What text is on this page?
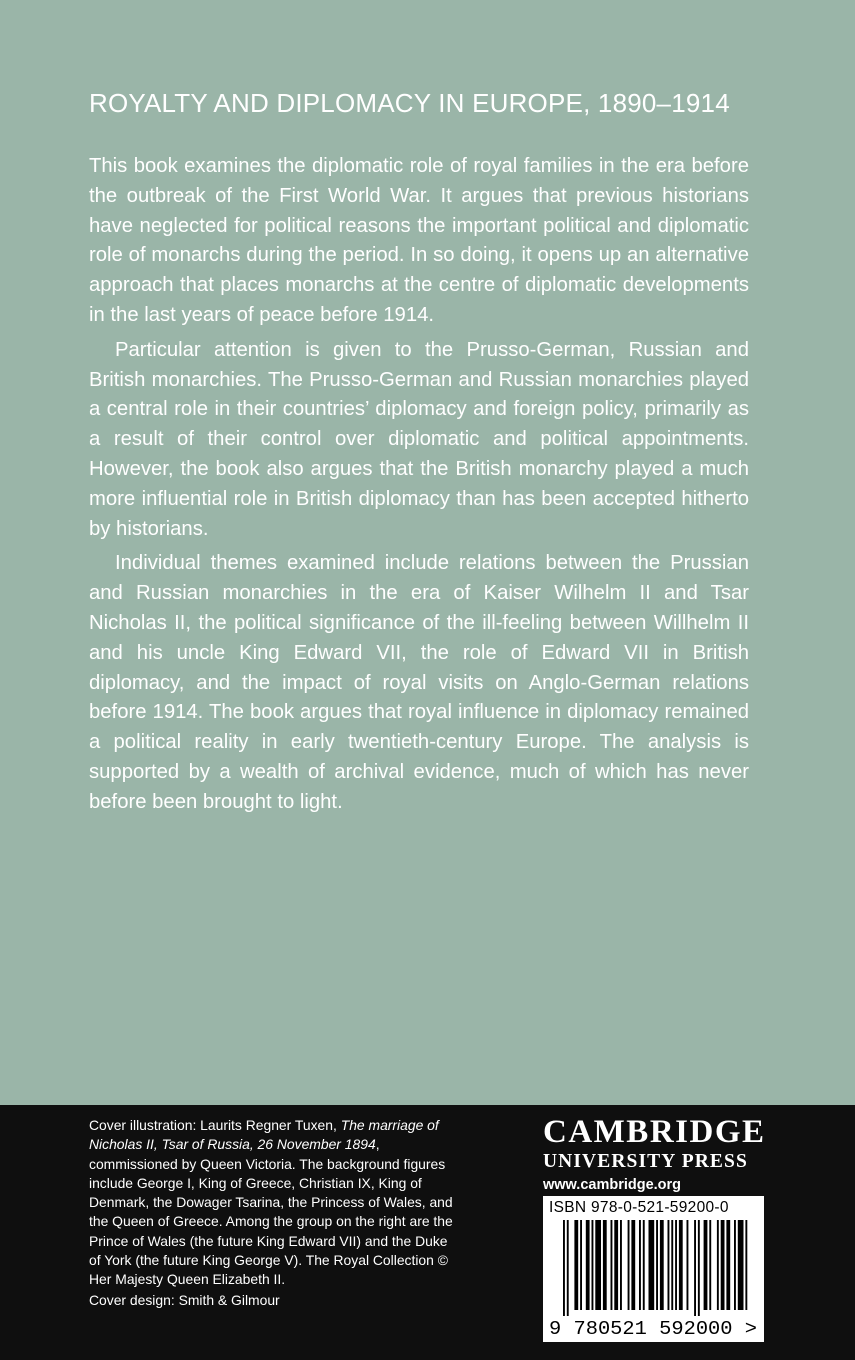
ROYALTY AND DIPLOMACY IN EUROPE, 1890–1914

This book examines the diplomatic role of royal families in the era before the outbreak of the First World War. It argues that previous historians have neglected for political reasons the important political and diplomatic role of monarchs during the period. In so doing, it opens up an alternative approach that places monarchs at the centre of diplomatic developments in the last years of peace before 1914.

Particular attention is given to the Prusso-German, Russian and British monarchies. The Prusso-German and Russian monarchies played a central role in their countries’ diplomacy and foreign policy, primarily as a result of their control over diplomatic and political appointments. However, the book also argues that the British monarchy played a much more influential role in British diplomacy than has been accepted hitherto by historians.

Individual themes examined include relations between the Prussian and Russian monarchies in the era of Kaiser Wilhelm II and Tsar Nicholas II, the political significance of the ill-feeling between Willhelm II and his uncle King Edward VII, the role of Edward VII in British diplomacy, and the impact of royal visits on Anglo-German relations before 1914. The book argues that royal influence in diplomacy remained a political reality in early twentieth-century Europe. The analysis is supported by a wealth of archival evidence, much of which has never before been brought to light.

Cover illustration: Laurits Regner Tuxen, The marriage of Nicholas II, Tsar of Russia, 26 November 1894, commissioned by Queen Victoria. The background figures include George I, King of Greece, Christian IX, King of Denmark, the Dowager Tsarina, the Princess of Wales, and the Queen of Greece. Among the group on the right are the Prince of Wales (the future King Edward VII) and the Duke of York (the future King George V). The Royal Collection © Her Majesty Queen Elizabeth II.
Cover design: Smith & Gilmour
CAMBRIDGE
UNIVERSITY PRESS
www.cambridge.org
ISBN 978-0-521-59200-0
9 780521 592000 >
